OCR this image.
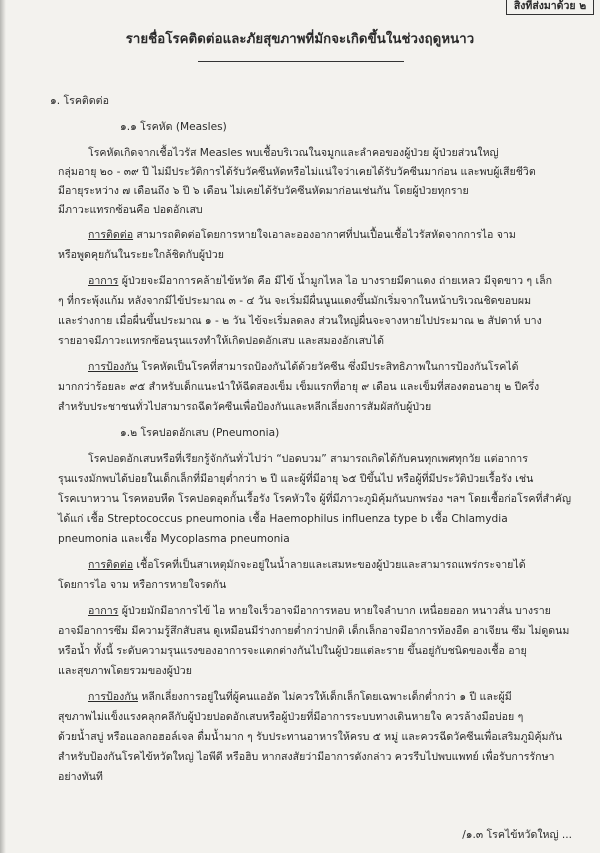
สิ่งที่ส่งมาด้วย ๒
รายชื่อโรคติดต่อและภัยสุขภาพที่มักจะเกิดขึ้นในช่วงฤดูหนาว
๑. โรคติดต่อ
๑.๑ โรคหัด (Measles)
โรคหัดเกิดจากเชื้อไวรัส Measles พบเชื้อบริเวณในจมูกและลำคอของผู้ป่วย ผู้ป่วยส่วนใหญ่
กลุ่มอายุ ๒๐ - ๓๙ ปี ไม่มีประวัติการได้รับวัคซีนหัดหรือไม่แน่ใจว่าเคยได้รับวัคซีนมาก่อน และพบผู้เสียชีวิต
มีอายุระหว่าง ๗ เดือนถึง ๖ ปี ๖ เดือน ไม่เคยได้รับวัคซีนหัดมาก่อนเช่นกัน โดยผู้ป่วยทุกราย
มีภาวะแทรกซ้อนคือ ปอดอักเสบ
การติดต่อ สามารถติดต่อโดยการหายใจเอาละอองอากาศที่ปนเปื้อนเชื้อไวรัสหัดจากการไอ จาม
หรือพูดคุยกันในระยะใกล้ชิดกับผู้ป่วย
อาการ ผู้ป่วยจะมีอาการคล้ายไข้หวัด คือ มีไข้ น้ำมูกไหล ไอ บางรายมีตาแดง ถ่ายเหลว มีจุดขาว ๆ เล็ก
ๆ ที่กระพุ้งแก้ม หลังจากมีไข้ประมาณ ๓ - ๔ วัน จะเริ่มมีผื่นนูนแดงขึ้นมักเริ่มจากในหน้าบริเวณชิดขอบผม
และร่างกาย เมื่อผื่นขึ้นประมาณ ๑ - ๒ วัน ไข้จะเริ่มลดลง ส่วนใหญ่ผื่นจะจางหายไปประมาณ ๒ สัปดาห์ บาง
รายอาจมีภาวะแทรกซ้อนรุนแรงทำให้เกิดปอดอักเสบ และสมองอักเสบได้
การป้องกัน โรคหัดเป็นโรคที่สามารถป้องกันได้ด้วยวัคซีน ซึ่งมีประสิทธิภาพในการป้องกันโรคได้
มากกว่าร้อยละ ๙๕ สำหรับเด็กแนะนำให้ฉีดสองเข็ม เข็มแรกที่อายุ ๙ เดือน และเข็มที่สองตอนอายุ ๒ ปีครึ่ง
สำหรับประชาชนทั่วไปสามารถฉีดวัคซีนเพื่อป้องกันและหลีกเลี่ยงการสัมผัสกับผู้ป่วย
๑.๒ โรคปอดอักเสบ (Pneumonia)
โรคปอดอักเสบหรือที่เรียกรู้จักกันทั่วไปว่า “ปอดบวม” สามารถเกิดได้กับคนทุกเพศทุกวัย แต่อาการ
รุนแรงมักพบได้บ่อยในเด็กเล็กที่มีอายุต่ำกว่า ๒ ปี และผู้ที่มีอายุ ๖๕ ปีขึ้นไป หรือผู้ที่มีประวัติป่วยเรื้อรัง เช่น
โรคเบาหวาน โรคหอบหืด โรคปอดอุดกั้นเรื้อรัง โรคหัวใจ ผู้ที่มีภาวะภูมิคุ้มกันบกพร่อง ฯลฯ โดยเชื้อก่อโรคที่สำคัญ
ได้แก่ เชื้อ Streptococcus pneumonia เชื้อ Haemophilus influenza type b เชื้อ Chlamydia
pneumonia และเชื้อ Mycoplasma pneumonia
การติดต่อ เชื้อโรคที่เป็นสาเหตุมักจะอยู่ในน้ำลายและเสมหะของผู้ป่วยและสามารถแพร่กระจายได้
โดยการไอ จาม หรือการหายใจรดกัน
อาการ ผู้ป่วยมักมีอาการไข้ ไอ หายใจเร็วอาจมีอาการหอบ หายใจลำบาก เหนื่อยออก หนาวสั่น บางราย
อาจมีอาการซึม มีความรู้สึกสับสน ดูเหมือนมีร่างกายต่ำกว่าปกติ เด็กเล็กอาจมีอาการท้องอืด อาเจียน ซึม ไม่ดูดนม
หรือน้ำ ทั้งนี้ ระดับความรุนแรงของอาการจะแตกต่างกันไปในผู้ป่วยแต่ละราย ขึ้นอยู่กับชนิดของเชื้อ อายุ
และสุขภาพโดยรวมของผู้ป่วย
การป้องกัน หลีกเลี่ยงการอยู่ในที่ผู้คนแออัด ไม่ควรให้เด็กเล็กโดยเฉพาะเด็กต่ำกว่า ๑ ปี และผู้มี
สุขภาพไม่แข็งแรงคลุกคลีกับผู้ป่วยปอดอักเสบหรือผู้ป่วยที่มีอาการระบบทางเดินหายใจ ควรล้างมือบ่อย ๆ
ด้วยน้ำสบู่ หรือแอลกอฮอล์เจล ดื่มน้ำมาก ๆ รับประทานอาหารให้ครบ ๕ หมู่ และควรฉีดวัคซีนเพื่อเสริมภูมิคุ้มกัน
สำหรับป้องกันโรคไข้หวัดใหญ่ ไอพีดี หรือฮิบ หากสงสัยว่ามีอาการดังกล่าว ควรรีบไปพบแพทย์ เพื่อรับการรักษา
อย่างทันที
/๑.๓ โรคไข้หวัดใหญ่ ...
